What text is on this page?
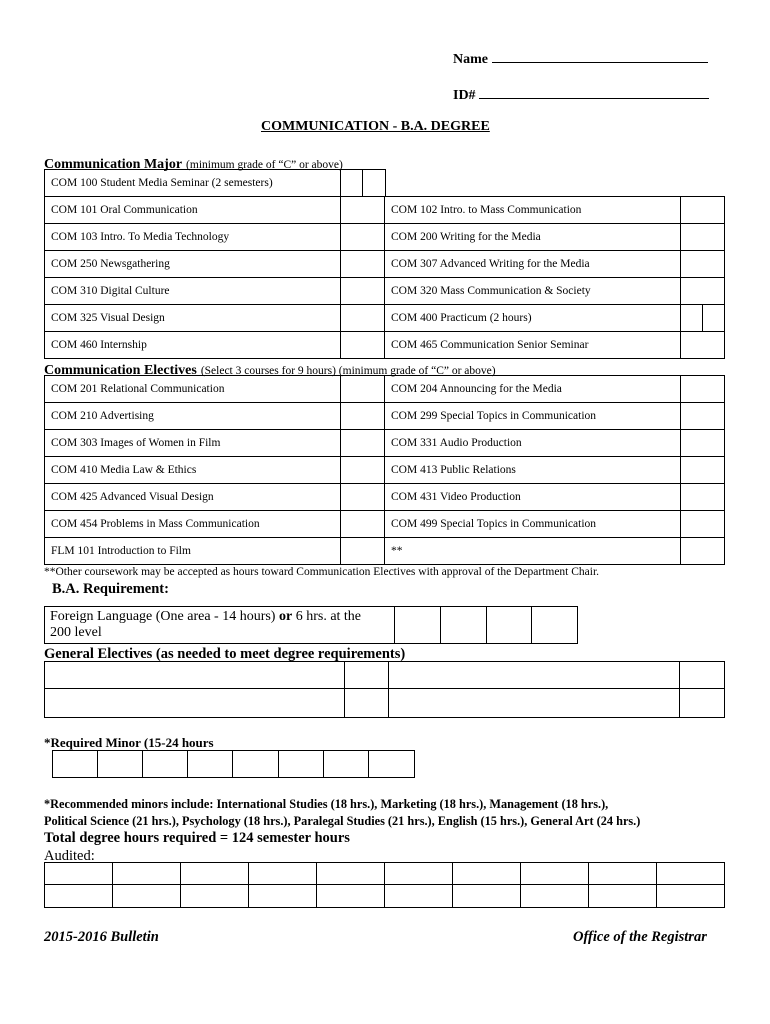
Name
ID#
COMMUNICATION - B.A. DEGREE
Communication Major (minimum grade of “C” or above)
COM 100 Student Media Seminar (2 semesters)		
COM 101 Oral Communication		COM 102 Intro. to Mass Communication	
COM 103 Intro. To Media Technology		COM 200 Writing for the Media	
COM 250 Newsgathering		COM 307 Advanced Writing for the Media	
COM 310 Digital Culture		COM 320 Mass Communication & Society	
COM 325 Visual Design		COM 400 Practicum (2 hours)	
COM 460 Internship		COM 465 Communication Senior Seminar	
Communication Electives (Select 3 courses for 9 hours) (minimum grade of “C” or above)
COM 201 Relational Communication		COM 204 Announcing for the Media	
COM 210 Advertising		COM 299 Special Topics in Communication	
COM 303 Images of Women in Film		COM 331 Audio Production	
COM 410 Media Law & Ethics		COM 413 Public Relations	
COM 425 Advanced Visual Design		COM 431 Video Production	
COM 454 Problems in Mass Communication		COM 499 Special Topics in Communication	
FLM 101 Introduction to Film		**	
**Other coursework may be accepted as hours toward Communication Electives with approval of the Department Chair.
B.A. Requirement:
Foreign Language (One area - 14 hours) or 6 hrs. at the
200 level				
General Electives (as needed to meet degree requirements)

*Required Minor (15-24 hours

*Recommended minors include: International Studies (18 hrs.), Marketing (18 hrs.), Management (18 hrs.),
Political Science (21 hrs.), Psychology (18 hrs.), Paralegal Studies (21 hrs.), English (15 hrs.), General Art (24 hrs.)
Total degree hours required = 124 semester hours
Audited:

2015-2016 Bulletin	Office of the Registrar
